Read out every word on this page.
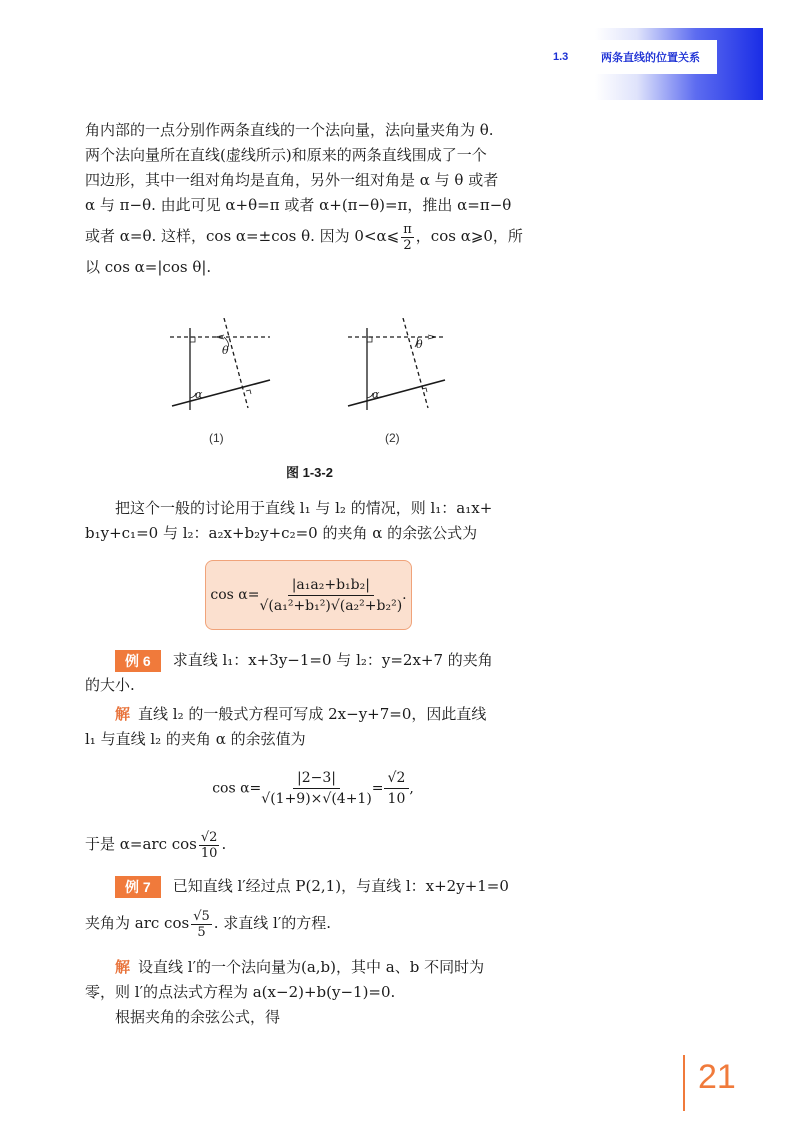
1.3	两条直线的位置关系
角内部的一点分别作两条直线的一个法向量，法向量夹角为 θ.
两个法向量所在直线(虚线所示)和原来的两条直线围成了一个
四边形，其中一组对角均是直角，另外一组对角是 α 与 θ 或者
α 与 π−θ. 由此可见 α+θ=π 或者 α+(π−θ)=π，推出 α=π−θ
或者 α=θ. 这样，cos α=±cos θ. 因为 0<α⩽ $\frac{\pi}{2}$ ，cos α⩾0，所
以 cos α=|cos θ|.
θ
α
θ
α
(1)	(2)
图 1-3-2
把这个一般的讨论用于直线 l₁ 与 l₂ 的情况，则 l₁：a₁x+
b₁y+c₁=0 与 l₂：a₂x+b₂y+c₂=0 的夹角 α 的余弦公式为
$\cos \alpha= \frac{\text{|a₁a₂+b₁b₂|}}{\text{√(a₁²+b₁²)√(a₂²+b₂²)}}$ .
例 6 求直线 l₁：x+3y−1=0 与 l₂：y=2x+7 的夹角
的大小.
解 直线 l₂ 的一般式方程可写成 2x−y+7=0，因此直线
l₁ 与直线 l₂ 的夹角 α 的余弦值为
$\cos \alpha= \frac{|2-3|}{√(1+9)\times√(4+1)} = \frac{√2}{10}$ ,
于是 α=arc $\cos \frac{√2}{10}$ .
例 7 已知直线 l′经过点 P(2,1)，与直线 l：x+2y+1=0
夹角为 arc $\cos \frac{√5}{5}$ . 求直线 l′的方程.
解 设直线 l′的一个法向量为(a,b)，其中 a、b 不同时为
零，则 l′的点法式方程为 a(x−2)+b(y−1)=0.
根据夹角的余弦公式，得
21
